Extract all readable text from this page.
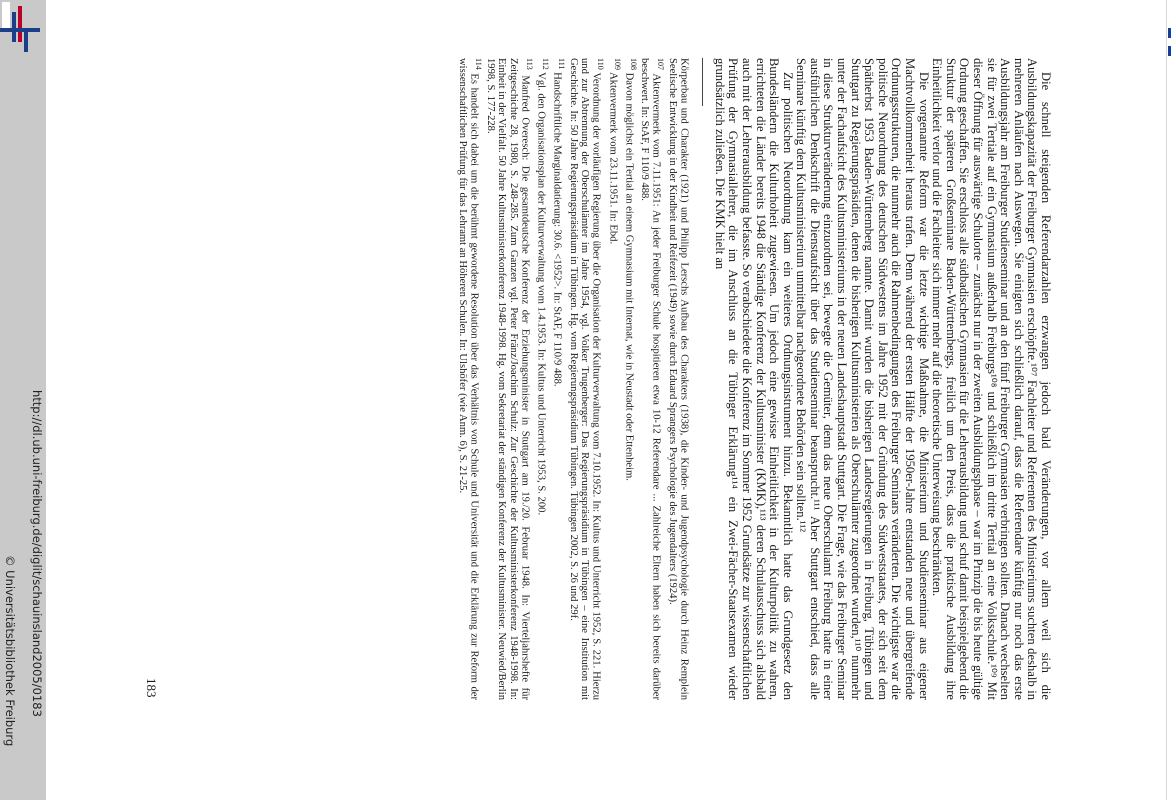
http://dl.ub.uni-freiburg.de/diglit/schauinsland2005/0183
© Universitätsbibliothek Freiburg	Die schnell steigenden Referendarzahlen erzwangen jedoch bald Veränderungen, vor allem weil sich die Ausbildungskapazität der Freiburger Gymnasien erschöpfte.¹⁰⁷ Fachleiter und Referenten des Ministeriums suchten deshalb in mehreren Anläufen nach Auswegen. Sie einigten sich schließlich darauf, dass die Referendare künftig nur noch das erste Ausbildungsjahr am Freiburger Studienseminar und an den fünf Freiburger Gymnasien verbringen sollten. Danach wechselten sie für zwei Tertiale auf ein Gymnasium außerhalb Freiburgs¹⁰⁸ und schließlich im dritte Tertial an eine Volksschule.¹⁰⁹ Mit dieser Öffnung für auswärtige Schulorte – zunächst nur in der zweiten Ausbildungsphase – war im Prinzip die bis heute gültige Ordnung geschaffen. Sie erschloss alle südbadischen Gymnasien für die Lehrerausbildung und schuf damit beispielgebend die Struktur der späteren Großseminare Baden-Württembergs, freilich um den Preis, dass die praktische Ausbildung ihre Einheitlichkeit verlor und die Fachleiter sich immer mehr auf die theoretische Unterweisung beschränkten.

Die vorgenannte Reform war die letzte wichtige Maßnahme, die Ministerium und Studienseminar aus eigener Machtvollkommenheit heraus trafen. Denn während der ersten Hälfte der 1950er-Jahre entstanden neue und übergreifende Ordnungsstrukturen, die nunmehr auch die Rahmenbedingungen des Freiburger Seminars veränderten. Die wichtigste war die politische Neuordnung des deutschen Südwestens im Jahre 1952 mit der Gründung des Südweststaates, der sich seit dem Spätherbst 1953 Baden-Württemberg nannte. Damit wurden die bisherigen Landesregierungen in Freiburg, Tübingen und Stuttgart zu Regierungspräsidien, denen die bisherigen Kultusministerien als Oberschulämter zugeordnet wurden,¹¹⁰ nunmehr unter der Fachaufsicht des Kultusministeriums in der neuen Landeshauptstadt Stuttgart. Die Frage, wie das Freiburger Seminar in diese Strukturveränderung einzuordnen sei, bewegte die Gemüter, denn das neue Oberschulamt Freiburg hatte in einer ausführlichen Denkschrift die Dienstaufsicht über das Studienseminar beansprucht.¹¹¹ Aber Stuttgart entschied, dass alle Seminare künftig dem Kultusministerium unmittelbar nachgeordnete Behörden sein sollten.¹¹²

Zur politischen Neuordnung kam ein weiteres Ordnungsinstrument hinzu. Bekanntlich hatte das Grundgesetz den Bundesländern die Kulturhoheit zugewiesen. Um jedoch eine gewisse Einheitlichkeit in der Kulturpolitik zu wahren, errichteten die Länder bereits 1948 die Ständige Konferenz der Kultusminister (KMK),¹¹³ deren Schulausschuss sich alsbald auch mit der Lehrerausbildung befasste. So verabschiedete die Konferenz im Sommer 1952 Grundsätze zur wissenschaftlichen Prüfung der Gymnasiallehrer, die im Anschluss an die Tübinger Erklärung¹¹⁴ ein Zwei-Fächer-Staatsexamen wieder grundsätzlich zuließen. Die KMK hielt an

Körperbau und Charakter (1921) und Philipp Lerschs Aufbau des Charakters (1938), die Kinder- und Jugendpsychologie durch Heinz Remplein Seelische Entwicklung in der Kindheit und Reifezeit (1949) sowie durch Eduard Sprangers Psychologie des Jugendalters (1924).
$^{107}$ Aktenvermerk vom 7.11.1951: An jeder Freiburger Schule hospitieren etwa 10-12 Referendare ... Zahlreiche Eltern haben sich bereits darüber beschwert. In: StAF, F 110/9 488.
$^{108}$ Davon möglichst ein Tertial an einem Gymnasium mit Internat, wie in Neustadt oder Ettenheim.
$^{109}$ Aktenvermerk vom 23.11.1951. In: Ebd.
$^{110}$ Verordnung der vorläufigen Regierung über die Organisation der Kulturverwaltung vom 7.10.1952. In: Kultus und Unterricht 1952, S. 221. Hierzu und zur Abtrennung der Oberschulämter im Jahre 1954, vgl. Volker Trugenberger: Das Regierungspräsidium in Tübingen – eine Institution mit Geschichte. In: 50 Jahre Regierungspräsidium in Tübingen. Hg. vom Regierungspräsidium Tübingen. Tübingen 2002, S. 26 und 29f.
$^{111}$ Handschriftliche Marginaldatierung: 30.6. <1952>. In: StAF, F 110/9 488.
$^{112}$ Vgl. den Organisationsplan der Kulturverwaltung vom 1.4.1953. In: Kultus und Unterricht 1953, S. 200.
$^{113}$ Manfred Overesch: Die gesamtdeutsche Konferenz der Erziehungsminister in Stuttgart am 19./20. Februar 1948. In: Vierteljahrshefte für Zeitgeschichte 28, 1980, S. 248-285. Zum Ganzen vgl. Peter Fränz/Joachim Schulz: Zur Geschichte der Kultusministerkonferenz 1948-1998. In: Einheit in der Vielfalt. 50 Jahre Kultusministerkonferenz 1948-1998. Hg. vom Sekretariat der ständigen Konferenz der Kultusminister. Neuwied/Berlin 1998, S. 177-228.
$^{114}$ Es handelt sich dabei um die berühmt gewordene Resolution über das Verhältnis von Schule und Universität und die Erklärung zur Reform der wissenschaftlichen Prüfung für das Lehramt an Höheren Schulen. In: Ulshöfer (wie Anm. 6), S. 21-25.
183
